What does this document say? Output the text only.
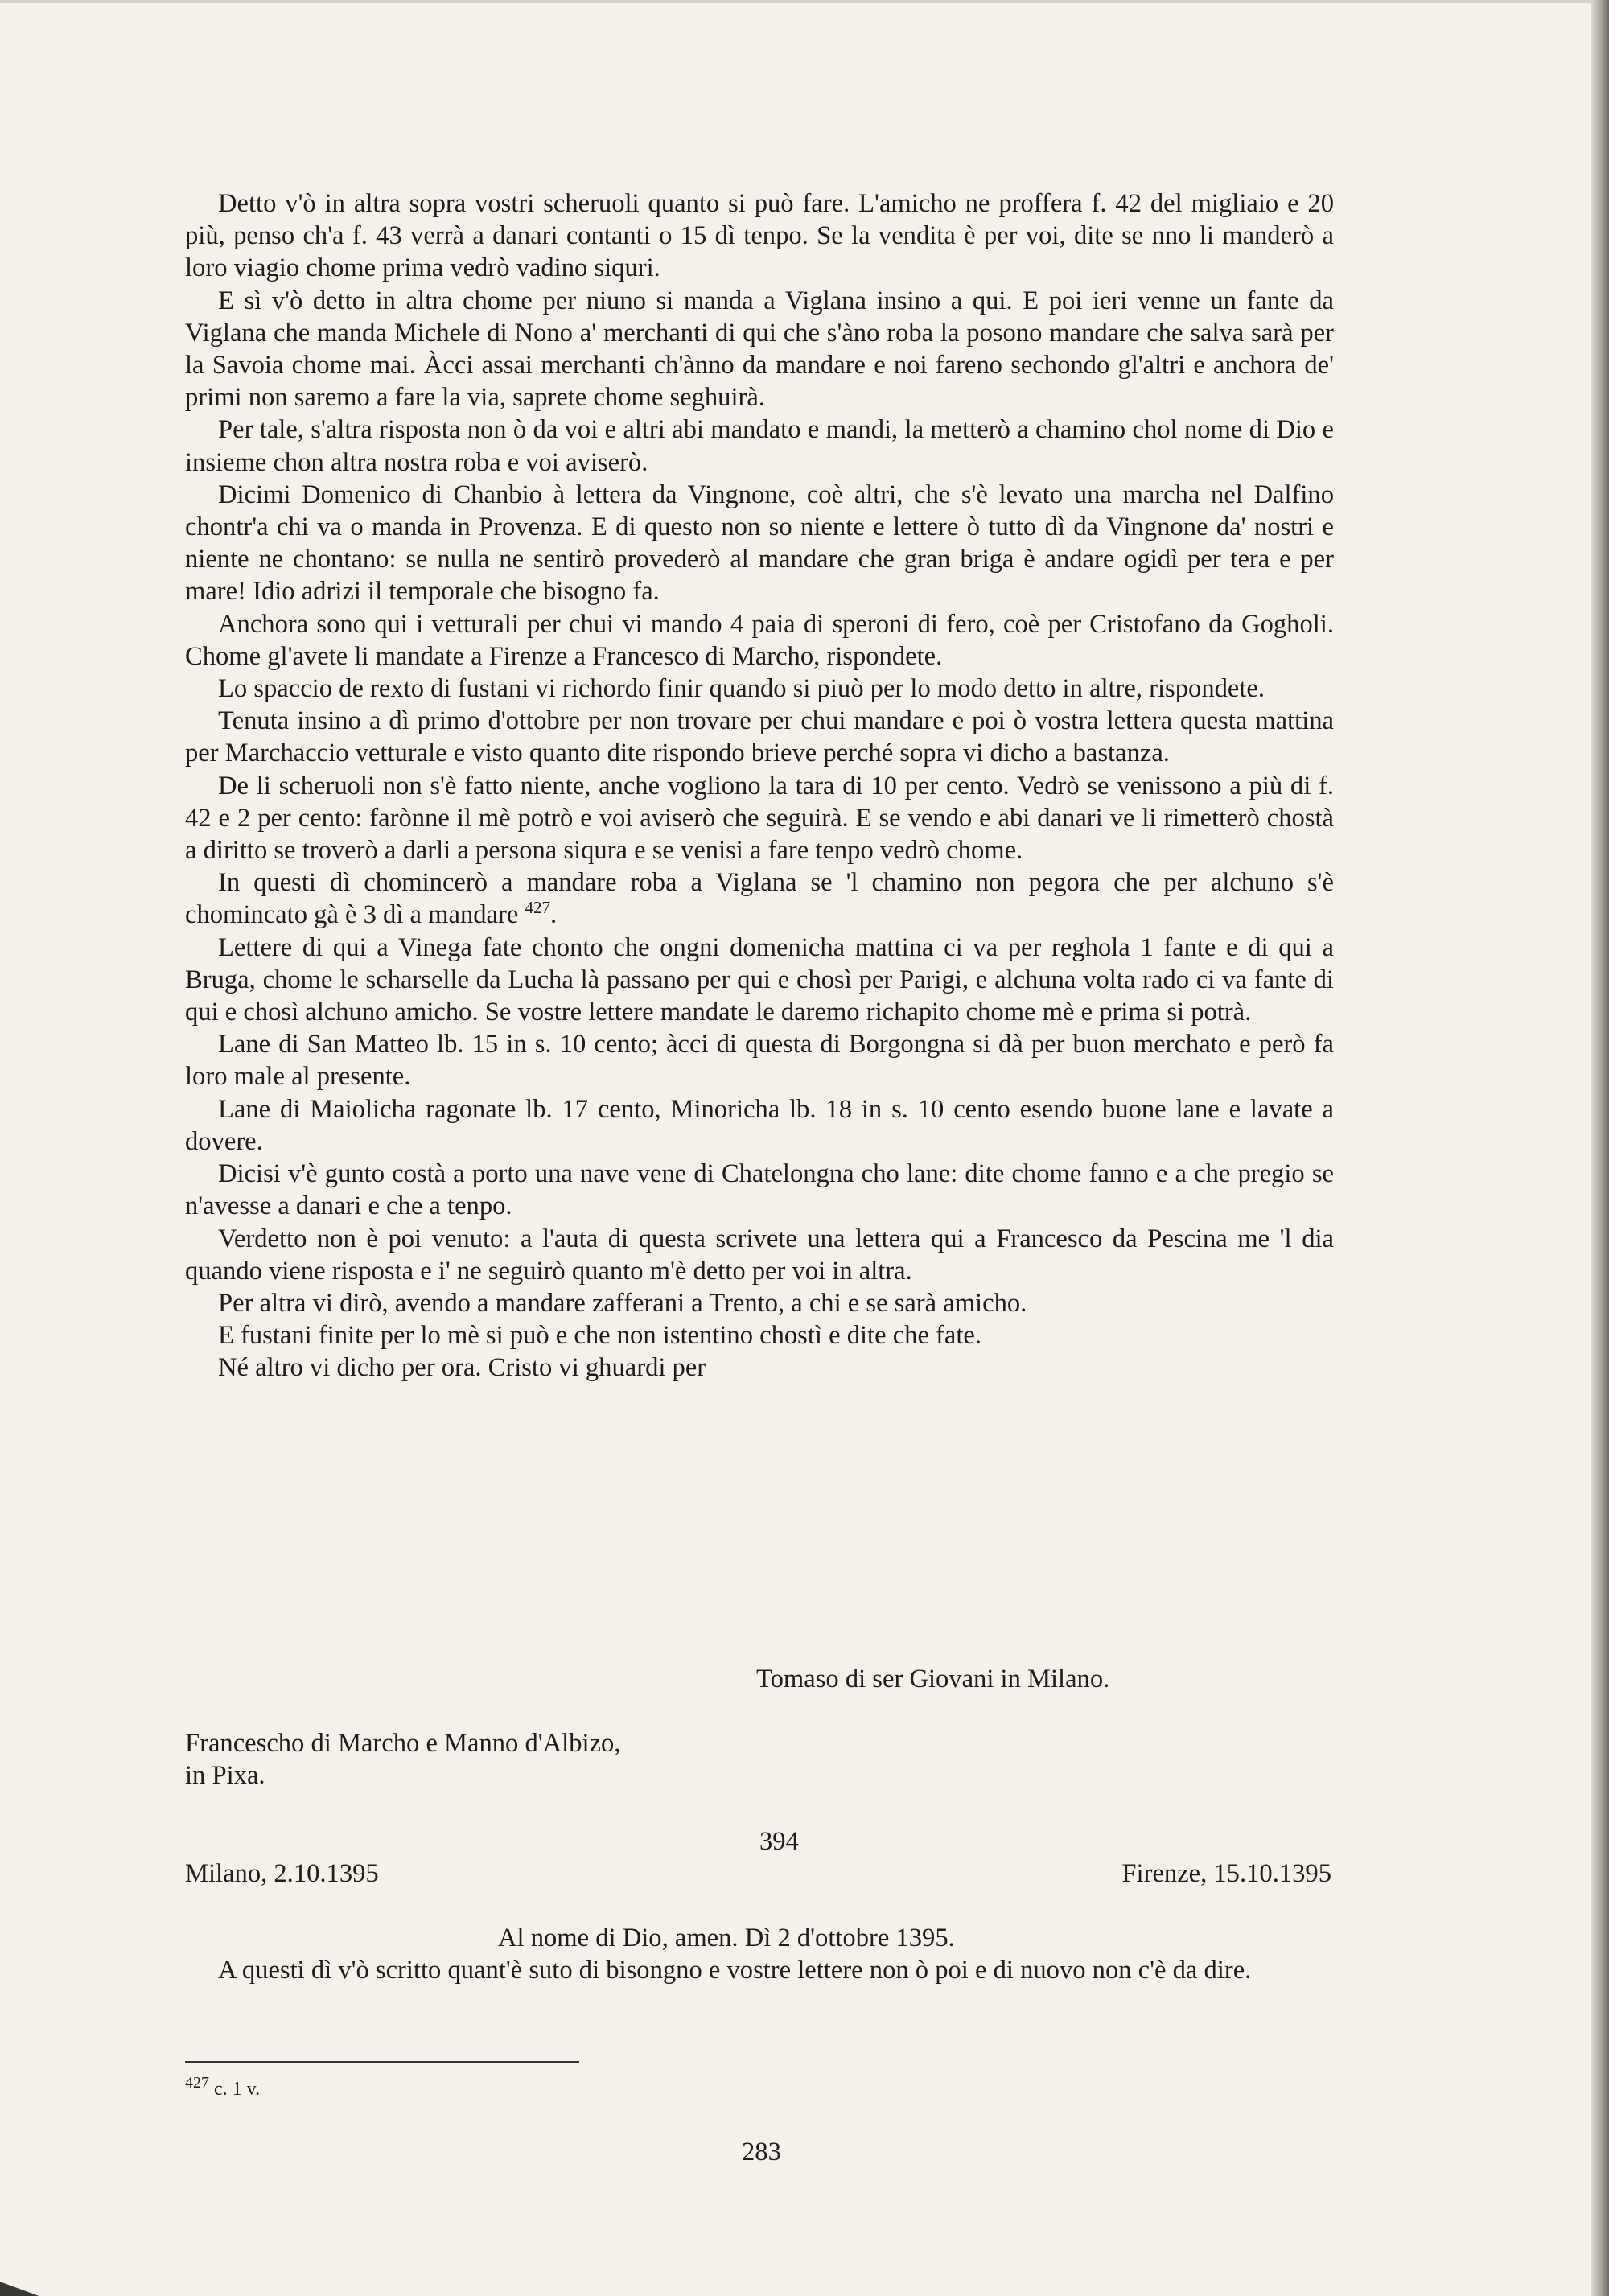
Detto v'ò in altra sopra vostri scheruoli quanto si può fare. L'amicho ne proffera f. 42 del migliaio e 20 più, penso ch'a f. 43 verrà a danari contanti o 15 dì tenpo. Se la vendita è per voi, dite se nno li manderò a loro viagio chome prima vedrò vadino siquri.

E sì v'ò detto in altra chome per niuno si manda a Viglana insino a qui. E poi ieri venne un fante da Viglana che manda Michele di Nono a' merchanti di qui che s'àno roba la posono mandare che salva sarà per la Savoia chome mai. Àcci assai merchanti ch'ànno da mandare e noi fareno sechondo gl'altri e anchora de' primi non saremo a fare la via, saprete chome seghuirà.

Per tale, s'altra risposta non ò da voi e altri abi mandato e mandi, la metterò a chamino chol nome di Dio e insieme chon altra nostra roba e voi aviserò.

Dicimi Domenico di Chanbio à lettera da Vingnone, coè altri, che s'è levato una marcha nel Dalfino chontr'a chi va o manda in Provenza. E di questo non so niente e lettere ò tutto dì da Vingnone da' nostri e niente ne chontano: se nulla ne sentirò provederò al mandare che gran briga è andare ogidì per tera e per mare! Idio adrizi il temporale che bisogno fa.

Anchora sono qui i vetturali per chui vi mando 4 paia di speroni di fero, coè per Cristofano da Gogholi. Chome gl'avete li mandate a Firenze a Francesco di Marcho, rispondete.

Lo spaccio de rexto di fustani vi richordo finir quando si piuò per lo modo detto in altre, rispondete.

Tenuta insino a dì primo d'ottobre per non trovare per chui mandare e poi ò vostra lettera questa mattina per Marchaccio vetturale e visto quanto dite rispondo brieve perché sopra vi dicho a bastanza.

De li scheruoli non s'è fatto niente, anche vogliono la tara di 10 per cento. Vedrò se venissono a più di f. 42 e 2 per cento: farònne il mè potrò e voi aviserò che seguirà. E se vendo e abi danari ve li rimetterò chostà a diritto se troverò a darli a persona siqura e se venisi a fare tenpo vedrò chome.

In questi dì chomincerò a mandare roba a Viglana se 'l chamino non pegora che per alchuno s'è chomincato gà è 3 dì a mandare $^{427}$.

Lettere di qui a Vinega fate chonto che ongni domenicha mattina ci va per reghola 1 fante e di qui a Bruga, chome le scharselle da Lucha là passano per qui e chosì per Parigi, e alchuna volta rado ci va fante di qui e chosì alchuno amicho. Se vostre lettere mandate le daremo richapito chome mè e prima si potrà.

Lane di San Matteo lb. 15 in s. 10 cento; àcci di questa di Borgongna si dà per buon merchato e però fa loro male al presente.

Lane di Maiolicha ragonate lb. 17 cento, Minoricha lb. 18 in s. 10 cento esendo buone lane e lavate a dovere.

Dicisi v'è gunto costà a porto una nave vene di Chatelongna cho lane: dite chome fanno e a che pregio se n'avesse a danari e che a tenpo.

Verdetto non è poi venuto: a l'auta di questa scrivete una lettera qui a Francesco da Pescina me 'l dia quando viene risposta e i' ne seguirò quanto m'è detto per voi in altra.

Per altra vi dirò, avendo a mandare zafferani a Trento, a chi e se sarà amicho.

E fustani finite per lo mè si può e che non istentino chostì e dite che fate.

Né altro vi dicho per ora. Cristo vi ghuardi per

Tomaso di ser Giovani in Milano.
Franceschо di Marcho e Manno d'Albizo,
in Pixa.
394
Milano, 2.10.1395	Firenze, 15.10.1395
Al nome di Dio, amen. Dì 2 d'ottobre 1395.

A questi dì v'ò scritto quant'è suto di bisongno e vostre lettere non ò poi e di nuovo non c'è da dire.

$^{427}$ c. 1 v.
283
